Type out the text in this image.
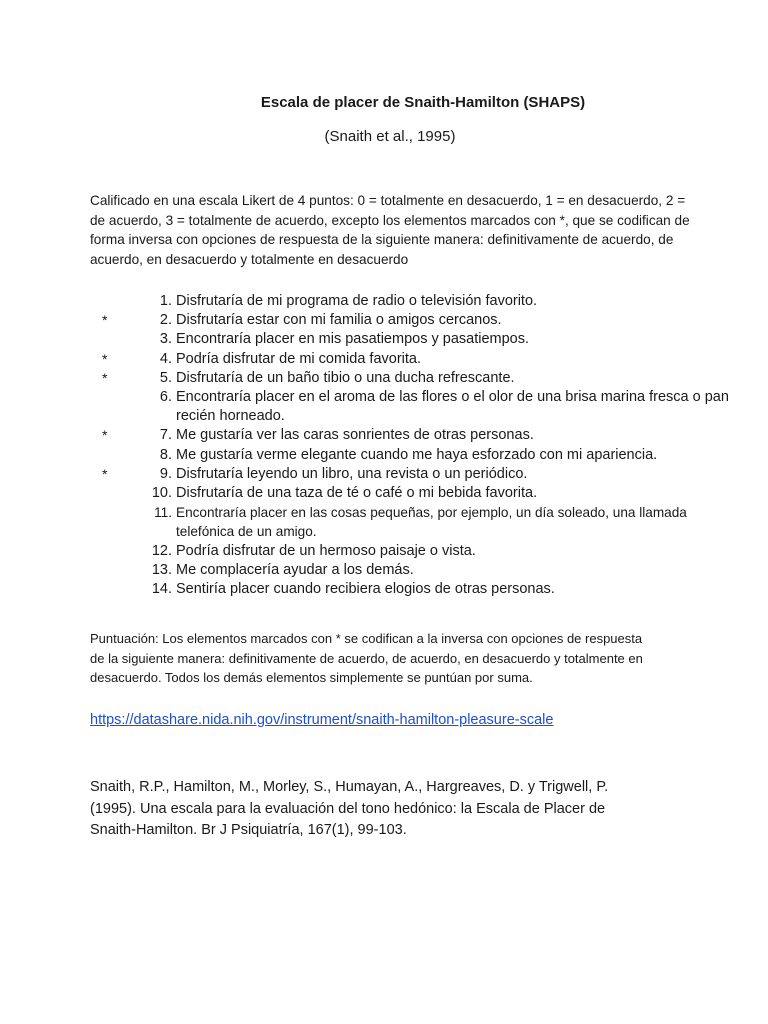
Escala de placer de Snaith-Hamilton (SHAPS)
(Snaith et al., 1995)
Calificado en una escala Likert de 4 puntos: 0 = totalmente en desacuerdo, 1 = en desacuerdo, 2 = de acuerdo, 3 = totalmente de acuerdo, excepto los elementos marcados con *, que se codifican de forma inversa con opciones de respuesta de la siguiente manera: definitivamente de acuerdo, de acuerdo, en desacuerdo y totalmente en desacuerdo
1. Disfrutaría de mi programa de radio o televisión favorito.
*	2. Disfrutaría estar con mi familia o amigos cercanos.
3. Encontraría placer en mis pasatiempos y pasatiempos.
*	4. Podría disfrutar de mi comida favorita.
*	5. Disfrutaría de un baño tibio o una ducha refrescante.
6. Encontraría placer en el aroma de las flores o el olor de una brisa marina fresca o pan recién horneado.
*	7. Me gustaría ver las caras sonrientes de otras personas.
8. Me gustaría verme elegante cuando me haya esforzado con mi apariencia.
*	9. Disfrutaría leyendo un libro, una revista o un periódico.
10. Disfrutaría de una taza de té o café o mi bebida favorita.
11. Encontraría placer en las cosas pequeñas, por ejemplo, un día soleado, una llamada telefónica de un amigo.
12. Podría disfrutar de un hermoso paisaje o vista.
13. Me complacería ayudar a los demás.
14. Sentiría placer cuando recibiera elogios de otras personas.
Puntuación: Los elementos marcados con * se codifican a la inversa con opciones de respuesta de la siguiente manera: definitivamente de acuerdo, de acuerdo, en desacuerdo y totalmente en desacuerdo. Todos los demás elementos simplemente se puntúan por suma.
https://datashare.nida.nih.gov/instrument/snaith-hamilton-pleasure-scale
Snaith, R.P., Hamilton, M., Morley, S., Humayan, A., Hargreaves, D. y Trigwell, P. (1995). Una escala para la evaluación del tono hedónico: la Escala de Placer de Snaith-Hamilton. Br J Psiquiatría, 167(1), 99-103.
